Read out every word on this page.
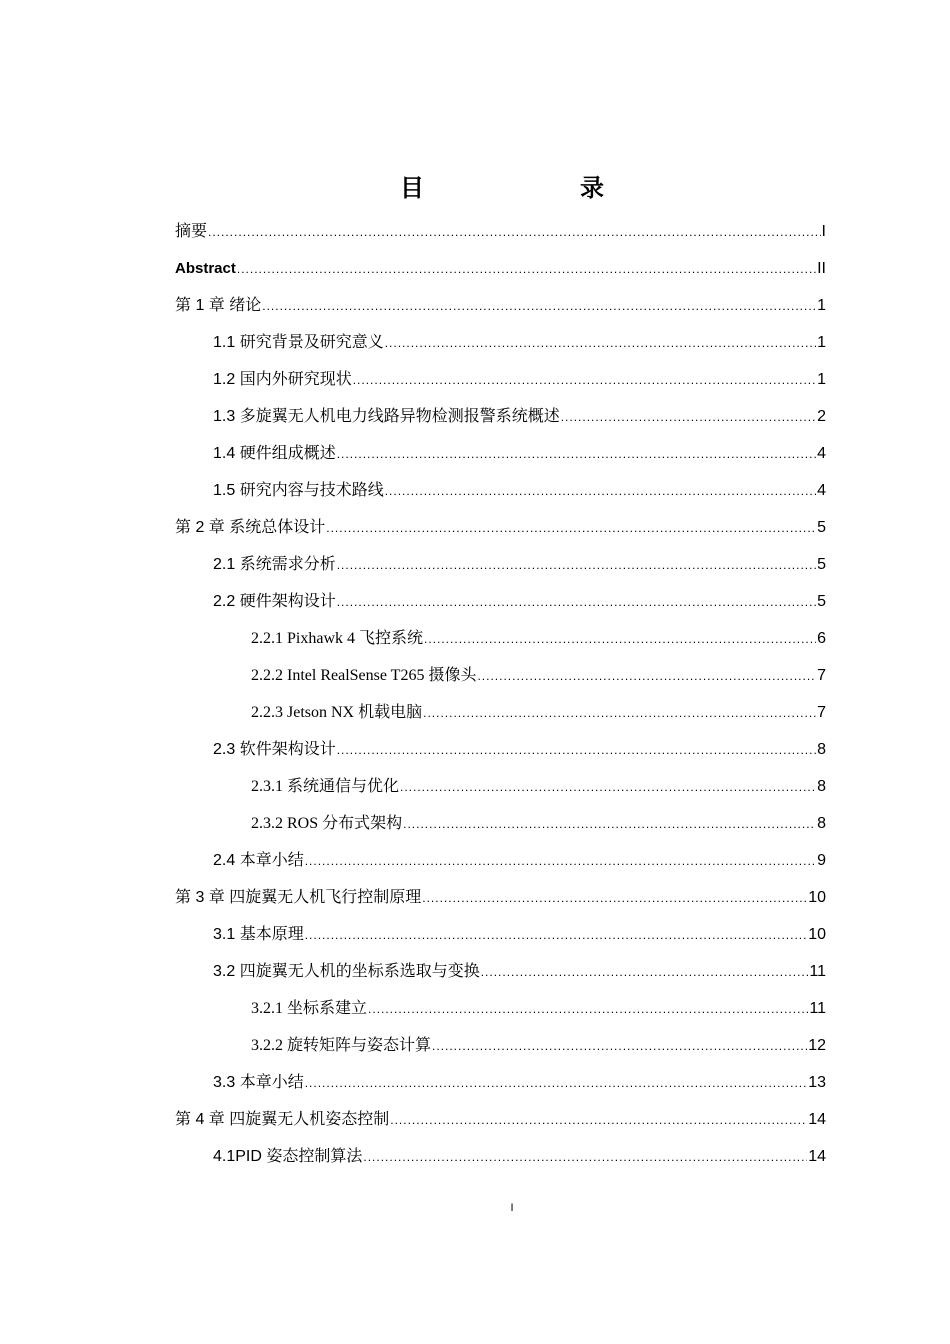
目　　录
摘要 .....	I
Abstract .....	II
第 1 章 绪论 .....	1
1.1 研究背景及研究意义 .....	1
1.2 国内外研究现状 .....	1
1.3 多旋翼无人机电力线路异物检测报警系统概述 .....	2
1.4 硬件组成概述 .....	4
1.5 研究内容与技术路线 .....	4
第 2 章 系统总体设计 .....	5
2.1 系统需求分析 .....	5
2.2 硬件架构设计 .....	5
2.2.1 Pixhawk 4 飞控系统 .....	6
2.2.2 Intel RealSense T265 摄像头 .....	7
2.2.3 Jetson NX 机载电脑 .....	7
2.3 软件架构设计 .....	8
2.3.1 系统通信与优化 .....	8
2.3.2 ROS 分布式架构 .....	8
2.4 本章小结 .....	9
第 3 章 四旋翼无人机飞行控制原理 .....	10
3.1 基本原理 .....	10
3.2 四旋翼无人机的坐标系选取与变换 .....	11
3.2.1 坐标系建立 .....	11
3.2.2 旋转矩阵与姿态计算 .....	12
3.3 本章小结 .....	13
第 4 章 四旋翼无人机姿态控制 .....	14
4.1PID 姿态控制算法 .....	14
I
